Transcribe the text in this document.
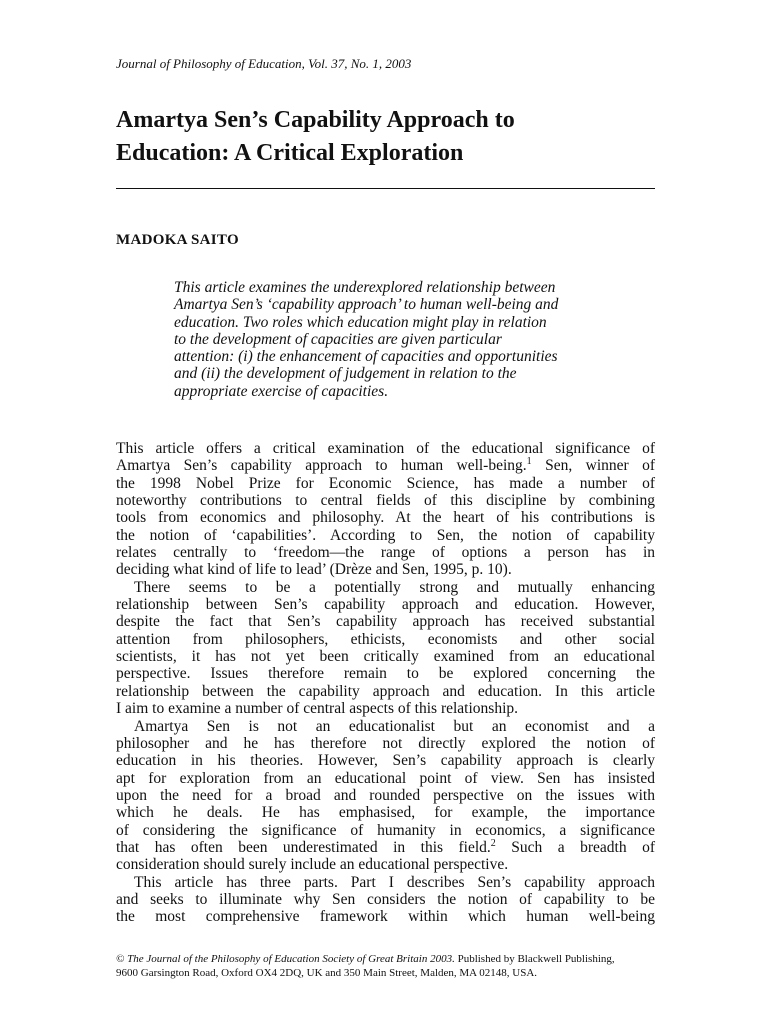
Journal of Philosophy of Education, Vol. 37, No. 1, 2003
Amartya Sen’s Capability Approach to
Education: A Critical Exploration
MADOKA SAITO
This article examines the underexplored relationship between
Amartya Sen’s ‘capability approach’ to human well-being and
education. Two roles which education might play in relation
to the development of capacities are given particular
attention: (i) the enhancement of capacities and opportunities
and (ii) the development of judgement in relation to the
appropriate exercise of capacities.
This article offers a critical examination of the educational significance of
Amartya Sen’s capability approach to human well-being.$^1$ Sen, winner of
the 1998 Nobel Prize for Economic Science, has made a number of
noteworthy contributions to central fields of this discipline by combining
tools from economics and philosophy. At the heart of his contributions is
the notion of ‘capabilities’. According to Sen, the notion of capability
relates centrally to ‘freedom—the range of options a person has in
deciding what kind of life to lead’ (Drèze and Sen, 1995, p. 10).
There seems to be a potentially strong and mutually enhancing
relationship between Sen’s capability approach and education. However,
despite the fact that Sen’s capability approach has received substantial
attention from philosophers, ethicists, economists and other social
scientists, it has not yet been critically examined from an educational
perspective. Issues therefore remain to be explored concerning the
relationship between the capability approach and education. In this article
I aim to examine a number of central aspects of this relationship.
Amartya Sen is not an educationalist but an economist and a
philosopher and he has therefore not directly explored the notion of
education in his theories. However, Sen’s capability approach is clearly
apt for exploration from an educational point of view. Sen has insisted
upon the need for a broad and rounded perspective on the issues with
which he deals. He has emphasised, for example, the importance
of considering the significance of humanity in economics, a significance
that has often been underestimated in this field.$^2$ Such a breadth of
consideration should surely include an educational perspective.
This article has three parts. Part I describes Sen’s capability approach
and seeks to illuminate why Sen considers the notion of capability to be
the most comprehensive framework within which human well-being
© The Journal of the Philosophy of Education Society of Great Britain 2003. Published by Blackwell Publishing,
9600 Garsington Road, Oxford OX4 2DQ, UK and 350 Main Street, Malden, MA 02148, USA.
